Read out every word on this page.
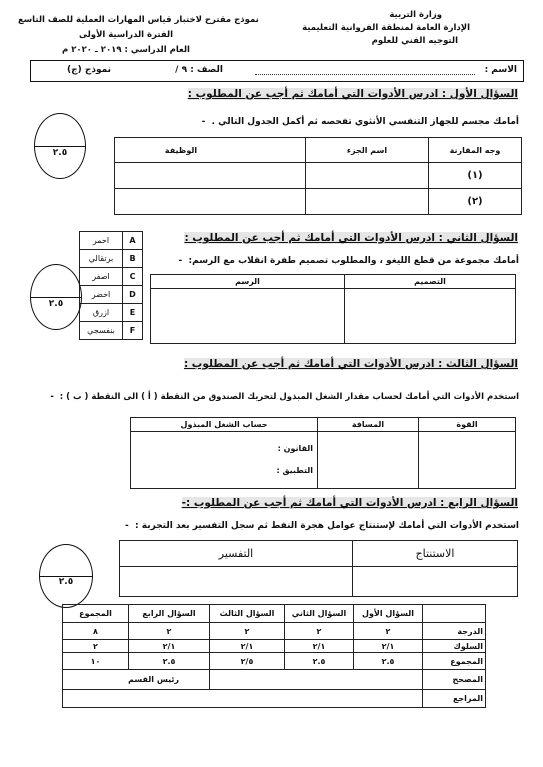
وزارة التربية
الإدارة العامة لمنطقة الفروانية التعليمية
التوجيه الفني للعلوم
نموذج مقترح لاختبار قياس المهارات العملية للصف التاسع
الفترة الدراسية الأولى
العام الدراسي : ٢٠١٩ ـ ٢٠٢٠ م
الاسم :
الصف : ٩ /
نموذج (ج)
السؤال الأول : ادرس الأدوات التي أمامك ثم أجب عن المطلوب :
٢.٥
أمامك مجسم للجهاز التنفسي الأنثوي تفحصه ثم أكمل الجدول التالي .  -
وجه المقارنة	اسم الجزء	الوظيفة
(١)		
(٢)		
A	احمر
B	برتقالي
C	اصفر
D	اخضر
E	ازرق
F	بنفسجي
السؤال الثاني : ادرس الأدوات التي أمامك ثم أجب عن المطلوب :
٢.٥
أمامك مجموعة من قطع الليغو ، والمطلوب تصميم طفرة انقلاب مع الرسم:  -
التصميم	الرسم

السؤال الثالث : ادرس الأدوات التي أمامك ثم أجب عن المطلوب :
استخدم الأدوات التي أمامك لحساب مقدار الشغل المبذول لتحريك الصندوق من النقطة ( أ ) الى النقطة ( ب ) :  -
القوة	المسافة	حساب الشغل المبذول

		القانون :
التطبيق :
السؤال الرابع : ادرس الأدوات التي أمامك ثم أجب عن المطلوب :-
استخدم الأدوات التي أمامك لإستنتاج عوامل هجرة النفط ثم سجل التفسير بعد التجربة :  -
٢.٥
الاستنتاج	التفسير

	السؤال الأول	السؤال الثاني	السؤال الثالث	السؤال الرابع	المجموع
الدرجة	٢	٢	٢	٢	٨
السلوك	٢/١	٢/١	٢/١	٢/١	٢
المجموع	٢.٥	٢.٥	٢/٥	٢.٥	١٠
المصحح				رئيس القسم	
المراجع					
